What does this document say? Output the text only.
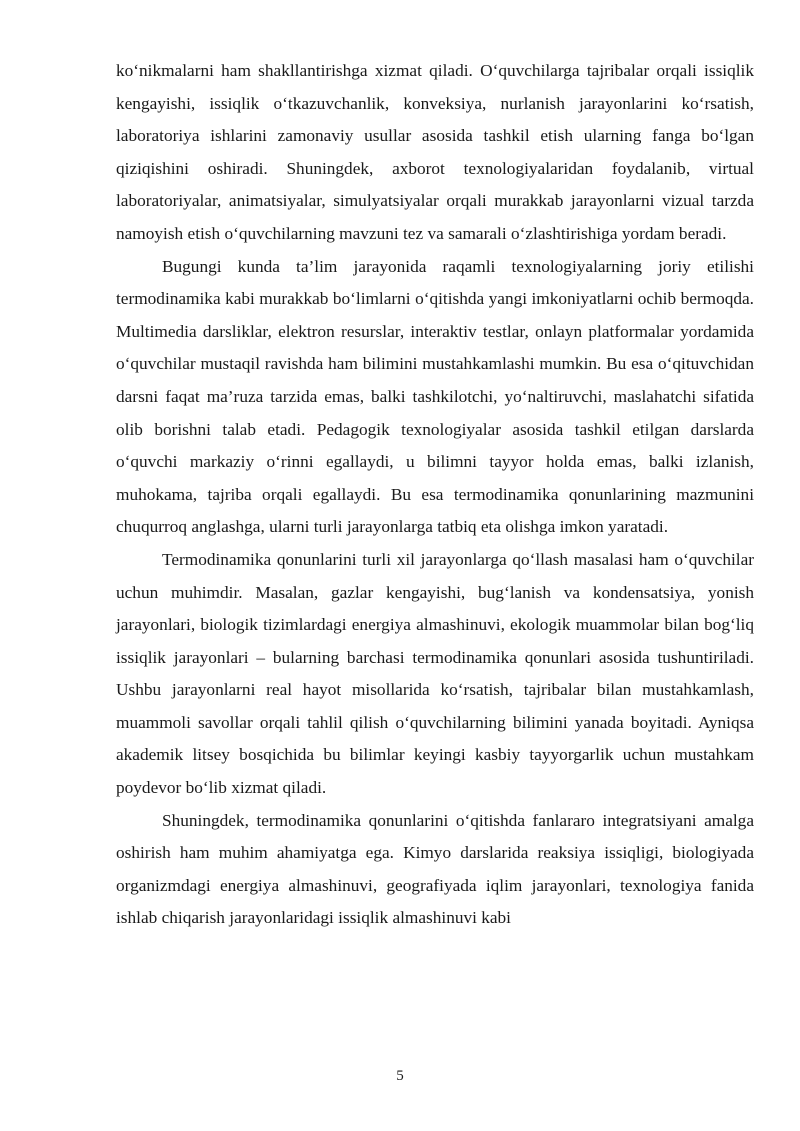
ko‘nikmalarni ham shakllantirishga xizmat qiladi. O‘quvchilarga tajribalar orqali issiqlik kengayishi, issiqlik o‘tkazuvchanlik, konveksiya, nurlanish jarayonlarini ko‘rsatish, laboratoriya ishlarini zamonaviy usullar asosida tashkil etish ularning fanga bo‘lgan qiziqishini oshiradi. Shuningdek, axborot texnologiyalaridan foydalanib, virtual laboratoriyalar, animatsiyalar, simulyatsiyalar orqali murakkab jarayonlarni vizual tarzda namoyish etish o‘quvchilarning mavzuni tez va samarali o‘zlashtirishiga yordam beradi.

Bugungi kunda ta’lim jarayonida raqamli texnologiyalarning joriy etilishi termodinamika kabi murakkab bo‘limlarni o‘qitishda yangi imkoniyatlarni ochib bermoqda. Multimedia darsliklar, elektron resurslar, interaktiv testlar, onlayn platformalar yordamida o‘quvchilar mustaqil ravishda ham bilimini mustahkamlashi mumkin. Bu esa o‘qituvchidan darsni faqat ma’ruza tarzida emas, balki tashkilotchi, yo‘naltiruvchi, maslahatchi sifatida olib borishni talab etadi. Pedagogik texnologiyalar asosida tashkil etilgan darslarda o‘quvchi markaziy o‘rinni egallaydi, u bilimni tayyor holda emas, balki izlanish, muhokama, tajriba orqali egallaydi. Bu esa termodinamika qonunlarining mazmunini chuqurroq anglashga, ularni turli jarayonlarga tatbiq eta olishga imkon yaratadi.

Termodinamika qonunlarini turli xil jarayonlarga qo‘llash masalasi ham o‘quvchilar uchun muhimdir. Masalan, gazlar kengayishi, bug‘lanish va kondensatsiya, yonish jarayonlari, biologik tizimlardagi energiya almashinuvi, ekologik muammolar bilan bog‘liq issiqlik jarayonlari – bularning barchasi termodinamika qonunlari asosida tushuntiriladi. Ushbu jarayonlarni real hayot misollarida ko‘rsatish, tajribalar bilan mustahkamlash, muammoli savollar orqali tahlil qilish o‘quvchilarning bilimini yanada boyitadi. Ayniqsa akademik litsey bosqichida bu bilimlar keyingi kasbiy tayyorgarlik uchun mustahkam poydevor bo‘lib xizmat qiladi.

Shuningdek, termodinamika qonunlarini o‘qitishda fanlararo integratsiyani amalga oshirish ham muhim ahamiyatga ega. Kimyo darslarida reaksiya issiqligi, biologiyada organizmdagi energiya almashinuvi, geografiyada iqlim jarayonlari, texnologiya fanida ishlab chiqarish jarayonlaridagi issiqlik almashinuvi kabi

5
